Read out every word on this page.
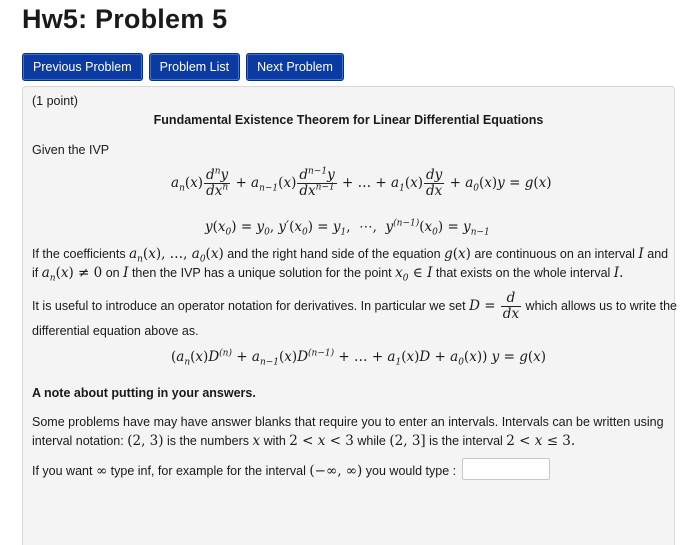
Hw5: Problem 5
Previous Problem	Problem List	Next Problem
(1 point)
Fundamental Existence Theorem for Linear Differential Equations
Given the IVP
$a_n(x) \frac{d^ny}{dx^n} + a_{n-1}(x) \frac{d^{n-1}y}{dx^{n-1}}$ + … + $a_1(x) \frac{dy}{dx} + a_0(x)y = g(x)$
$y(x_0) = y_0$, $y'(x_0) = y_1$,  ⋯,  $y^{(n-1)}(x_0) = y_{n-1}$
If the coefficients $a_n(x)$, …, $a_0(x)$ and the right hand side of the equation g(x) are continuous on an interval I and
if $a_n(x) \ne 0$ on I then the IVP has a unique solution for the point $x_0$ ∈ I that exists on the whole interval I.
It is useful to introduce an operator notation for derivatives. In particular we set $D = \frac{d}{dx}$ which allows us to write the
differential equation above as.
($a_n(x)D^{(n)} + a_{n-1}(x)D^{(n-1)}$ + … + $a_1(x)D + a_0(x)$) y = g(x)
A note about putting in your answers.
Some problems have may have answer blanks that require you to enter an intervals. Intervals can be written using
interval notation: (2, 3) is the numbers x with 2 < x < 3 while (2, 3] is the interval 2 < x ≤ 3.
If you want ∞ type inf, for example for the interval (−∞, ∞) you would type :
